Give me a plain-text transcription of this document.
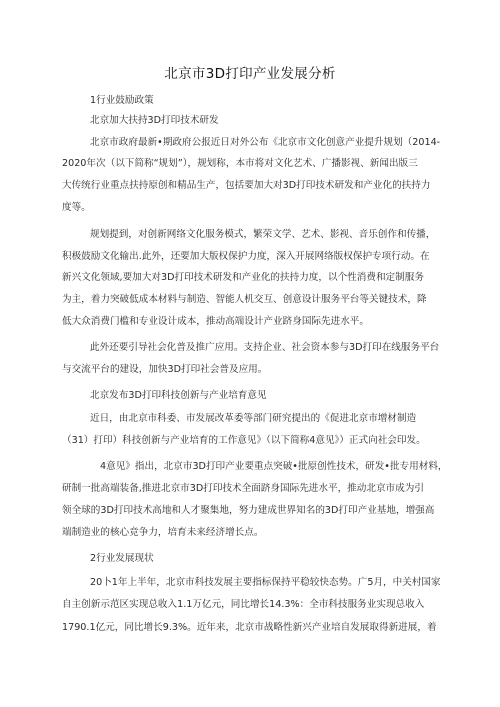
北京市3D打印产业发展分析
1行业鼓励政策
北京加大扶持3D打印技术研发
北京市政府最新•期政府公报近日对外公布《北京市文化创意产业提升规划（2014-
2020年次（以下简称“规划”），规划称，本市将对文化艺术、广播影视、新闻出版三
大传统行业重点扶持原创和精品生产，包括要加大对3D打印技术研发和产业化的扶持力
度等。
规划提到，对创新网络文化服务模式，繁荣文学、艺术、影视、音乐创作和传播，
积极鼓励文化输出.此外，还要加大版权保护力度，深入开展网络版权保护专项行动。在
新兴文化领域,要加大对3D打印技术研发和产业化的扶持力度，以个性消费和定制服务
为主，着力突破低成本材料与制造、智能人机交互、创意设计服务平台等关键技术，降
低大众消费门槛和专业设计成本，推动高端设计产业跻身国际先进水平。
此外还要引导社会化普及推广应用。支持企业、社会资本参与3D打印在线服务平台
与交流平台的建设，加快3D打印社会普及应用。
北京发布3D打印科技创新与产业培育意见
近日，由北京市科委、市发展改革委等部门研究提出的《促进北京市增材制造
（31）打印）科技创新与产业培育的工作意见》（以下简称4意见》）正式向社会印发。
4意见》指出，北京市3D打印产业要重点突破•批原创性技术，研发•批专用材料，
研制一批高端装备,推进北京市3D打印技术全面跻身国际先进水平，推动北京市成为引
领全球的3D打印技术高地和人才聚集地，努力建成世界知名的3D打印产业基地，增强高
端制造业的核心竞争力，培育未来经济增长点。
2行业发展现状
20卜1年上半年，北京市科技发展主要指标保持平稳较快态势。广5月，中关村国家
自主创新示范区实现总收入1.1万亿元，同比增长14.3%：全市科技服务业实现总收入
1790.1亿元，同比增长9.3%。近年来，北京市战略性新兴产业培自发展取得新进展，着
